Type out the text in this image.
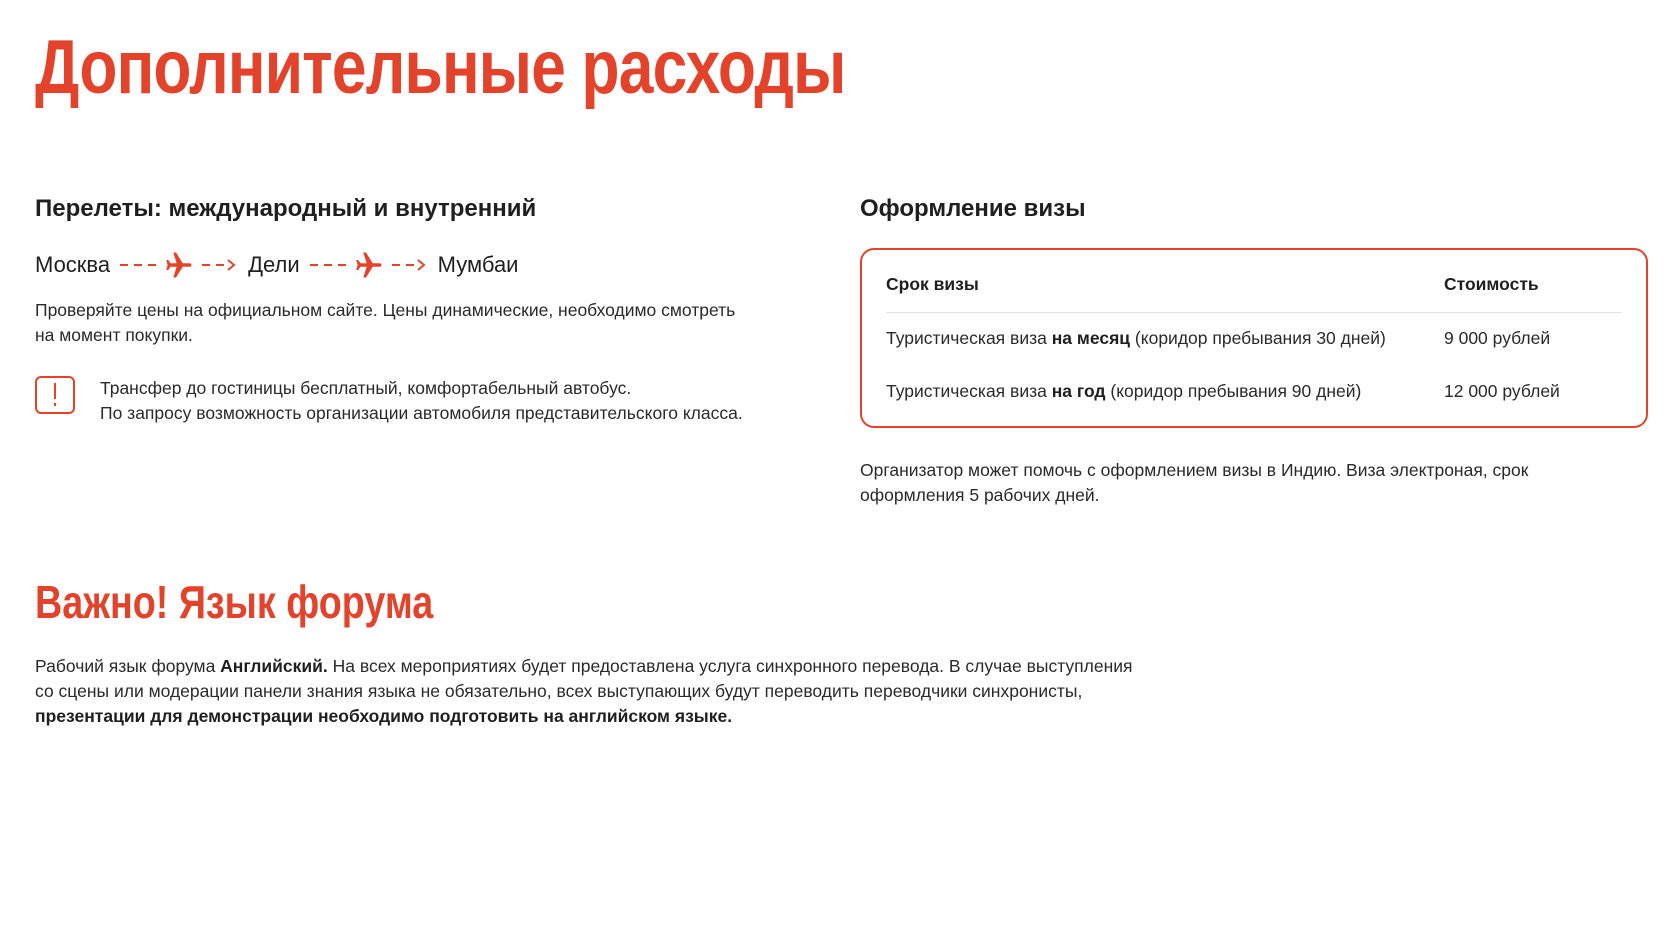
Дополнительные расходы
Перелеты: международный и внутренний
Москва	Дели	Мумбаи
Проверяйте цены на официальном сайте. Цены динамические, необходимо смотреть
на момент покупки.
Трансфер до гостиницы бесплатный, комфортабельный автобус.
По запросу возможность организации автомобиля представительского класса.
Оформление визы
Срок визы	Стоимость
Туристическая виза на месяц (коридор пребывания 30 дней)	9 000 рублей
Туристическая виза на год (коридор пребывания 90 дней)	12 000 рублей
Организатор может помочь с оформлением визы в Индию. Виза электроная, срок
оформления 5 рабочих дней.
Важно! Язык форума
Рабочий язык форума Английский. На всех мероприятиях будет предоставлена услуга синхронного перевода. В случае выступления
со сцены или модерации панели знания языка не обязательно, всех выступающих будут переводить переводчики синхронисты,
презентации для демонстрации необходимо подготовить на английском языке.
